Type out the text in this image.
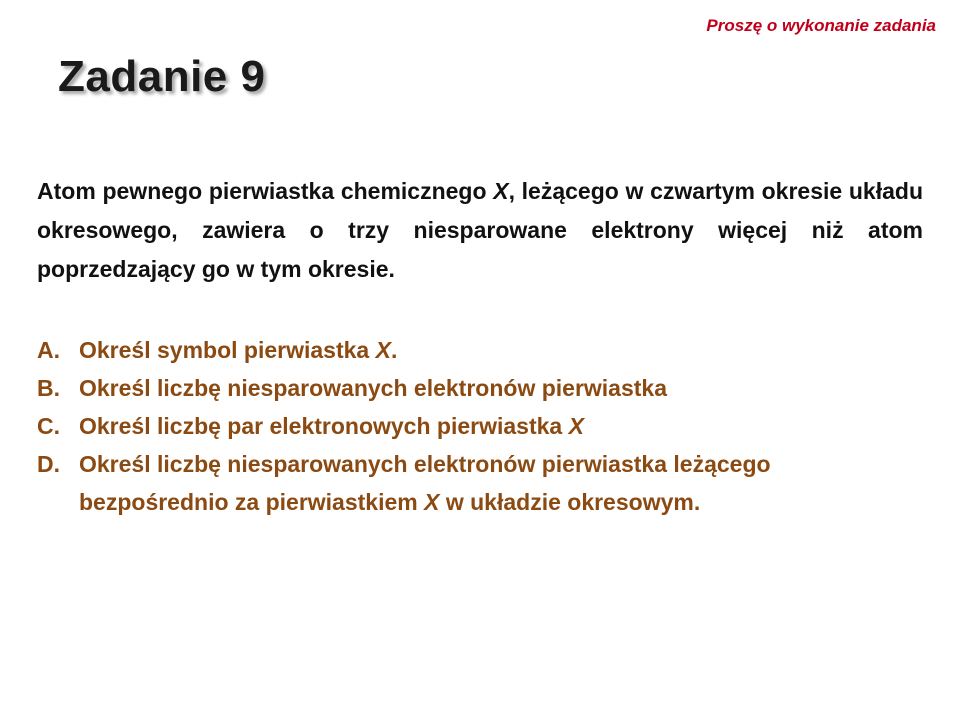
Proszę o wykonanie zadania

Zadanie 9

Atom pewnego pierwiastka chemicznego X, leżącego w czwartym okresie układu okresowego, zawiera o trzy niesparowane elektrony więcej niż atom poprzedzający go w tym okresie.

A. Określ symbol pierwiastka X.
B. Określ liczbę niesparowanych elektronów pierwiastka
C. Określ liczbę par elektronowych pierwiastka X
D. Określ liczbę niesparowanych elektronów pierwiastka leżącego bezpośrednio za pierwiastkiem X w układzie okresowym.
